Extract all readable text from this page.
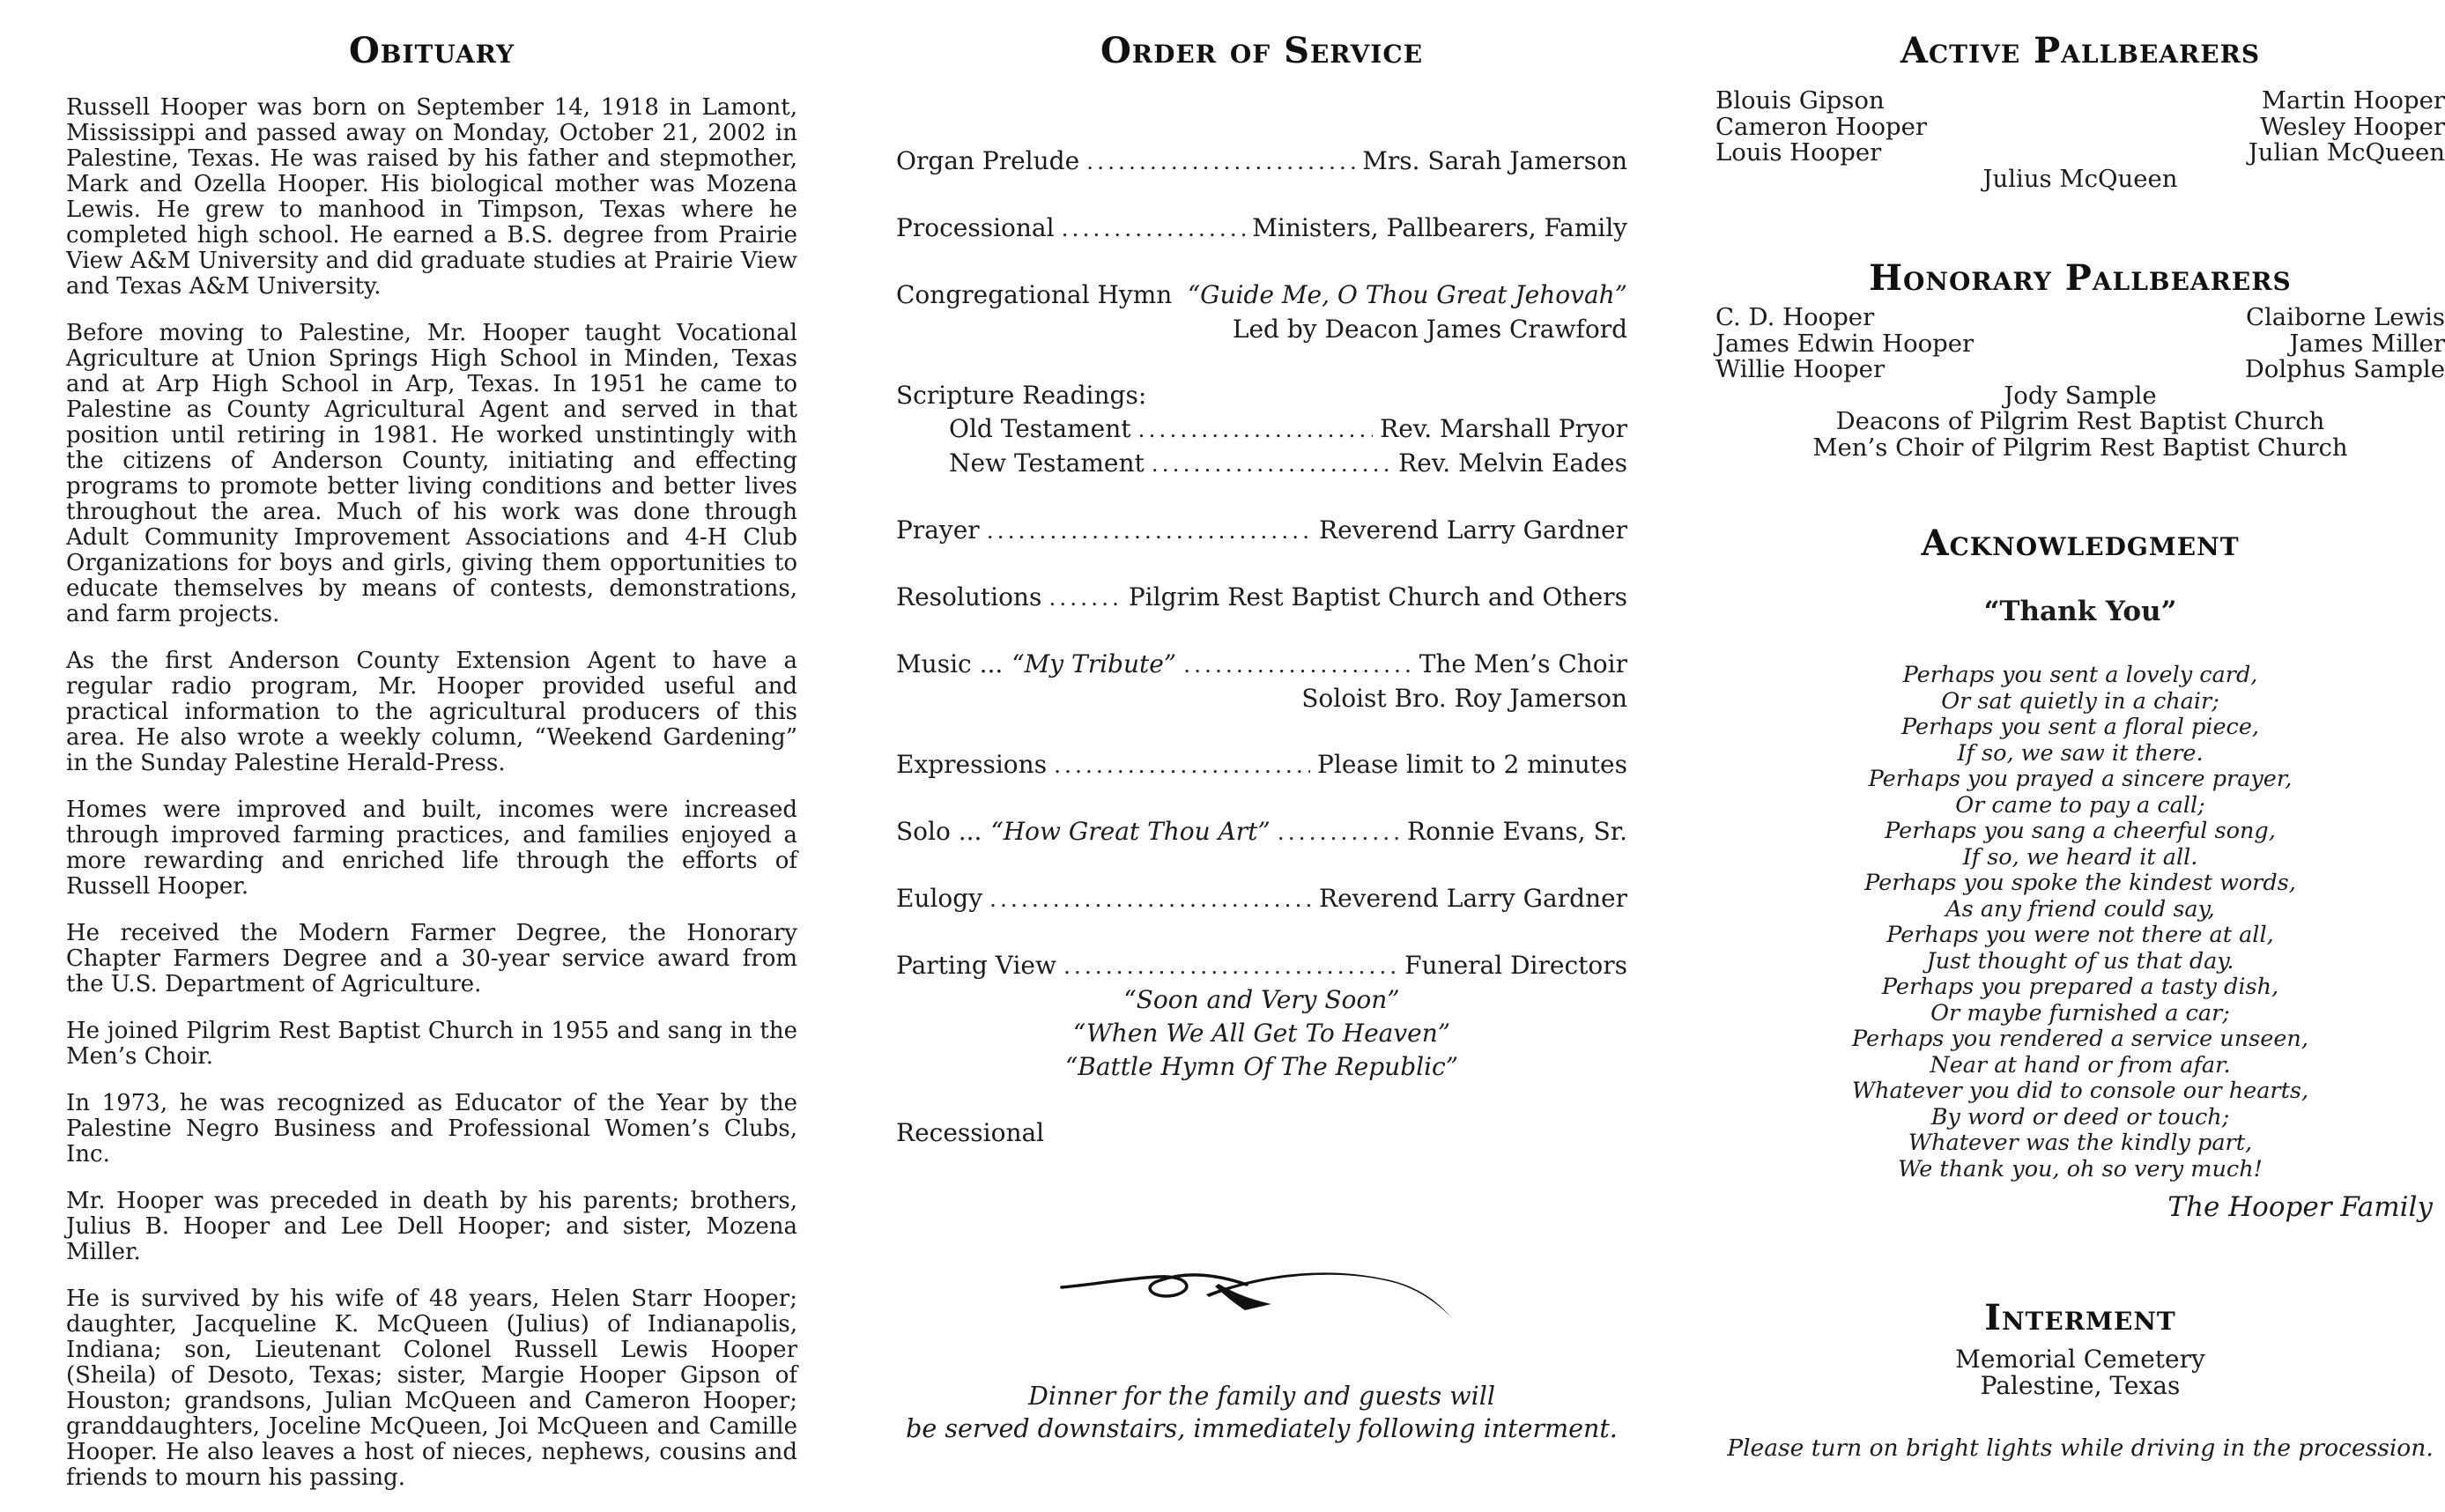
Obituary

Russell Hooper was born on September 14, 1918 in Lamont, Mississippi and passed away on Monday, October 21, 2002 in Palestine, Texas. He was raised by his father and stepmother, Mark and Ozella Hooper. His biological mother was Mozena Lewis. He grew to manhood in Timpson, Texas where he completed high school. He earned a B.S. degree from Prairie View A&M University and did graduate studies at Prairie View and Texas A&M University.

Before moving to Palestine, Mr. Hooper taught Vocational Agriculture at Union Springs High School in Minden, Texas and at Arp High School in Arp, Texas. In 1951 he came to Palestine as County Agricultural Agent and served in that position until retiring in 1981. He worked unstintingly with the citizens of Anderson County, initiating and effecting programs to promote better living conditions and better lives throughout the area. Much of his work was done through Adult Community Improvement Associations and 4-H Club Organizations for boys and girls, giving them opportunities to educate themselves by means of contests, demonstrations, and farm projects.

As the first Anderson County Extension Agent to have a regular radio program, Mr. Hooper provided useful and practical information to the agricultural producers of this area. He also wrote a weekly column, “Weekend Gardening” in the Sunday Palestine Herald-Press.

Homes were improved and built, incomes were increased through improved farming practices, and families enjoyed a more rewarding and enriched life through the efforts of Russell Hooper.

He received the Modern Farmer Degree, the Honorary Chapter Farmers Degree and a 30-year service award from the U.S. Department of Agriculture.

He joined Pilgrim Rest Baptist Church in 1955 and sang in the Men’s Choir.

In 1973, he was recognized as Educator of the Year by the Palestine Negro Business and Professional Women’s Clubs, Inc.

Mr. Hooper was preceded in death by his parents; brothers, Julius B. Hooper and Lee Dell Hooper; and sister, Mozena Miller.

He is survived by his wife of 48 years, Helen Starr Hooper; daughter, Jacqueline K. McQueen (Julius) of Indianapolis, Indiana; son, Lieutenant Colonel Russell Lewis Hooper (Sheila) of Desoto, Texas; sister, Margie Hooper Gipson of Houston; grandsons, Julian McQueen and Cameron Hooper; granddaughters, Joceline McQueen, Joi McQueen and Camille Hooper. He also leaves a host of nieces, nephews, cousins and friends to mourn his passing.

Order of Service
Organ Prelude .....	Mrs. Sarah Jamerson
Processional .....	Ministers, Pallbearers, Family
Congregational Hymn ..... “Guide Me, O Thou Great Jehovah”
Led by Deacon James Crawford
Scripture Readings:
Old Testament .....	Rev. Marshall Pryor
New Testament .....	Rev. Melvin Eades
Prayer .....	Reverend Larry Gardner
Resolutions .....	Pilgrim Rest Baptist Church and Others
Music ... “My Tribute” .....	The Men’s Choir
Soloist Bro. Roy Jamerson
Expressions .....	Please limit to 2 minutes
Solo ... “How Great Thou Art” .....	Ronnie Evans, Sr.
Eulogy .....	Reverend Larry Gardner
Parting View .....	Funeral Directors
“Soon and Very Soon”
“When We All Get To Heaven”
“Battle Hymn Of The Republic”
Recessional
Dinner for the family and guests will
be served downstairs, immediately following interment.
Active Pallbearers
Blouis Gipson
Cameron Hooper
Louis Hooper
Martin Hooper
Wesley Hooper
Julian McQueen
Julius McQueen
Honorary Pallbearers
C. D. Hooper
James Edwin Hooper
Willie Hooper
Claiborne Lewis
James Miller
Dolphus Sample
Jody Sample
Deacons of Pilgrim Rest Baptist Church
Men’s Choir of Pilgrim Rest Baptist Church
Acknowledgment
“Thank You”
Perhaps you sent a lovely card,
Or sat quietly in a chair;
Perhaps you sent a floral piece,
If so, we saw it there.
Perhaps you prayed a sincere prayer,
Or came to pay a call;
Perhaps you sang a cheerful song,
If so, we heard it all.
Perhaps you spoke the kindest words,
As any friend could say,
Perhaps you were not there at all,
Just thought of us that day.
Perhaps you prepared a tasty dish,
Or maybe furnished a car;
Perhaps you rendered a service unseen,
Near at hand or from afar.
Whatever you did to console our hearts,
By word or deed or touch;
Whatever was the kindly part,
We thank you, oh so very much!
The Hooper Family
Interment
Memorial Cemetery
Palestine, Texas
Please turn on bright lights while driving in the procession.
